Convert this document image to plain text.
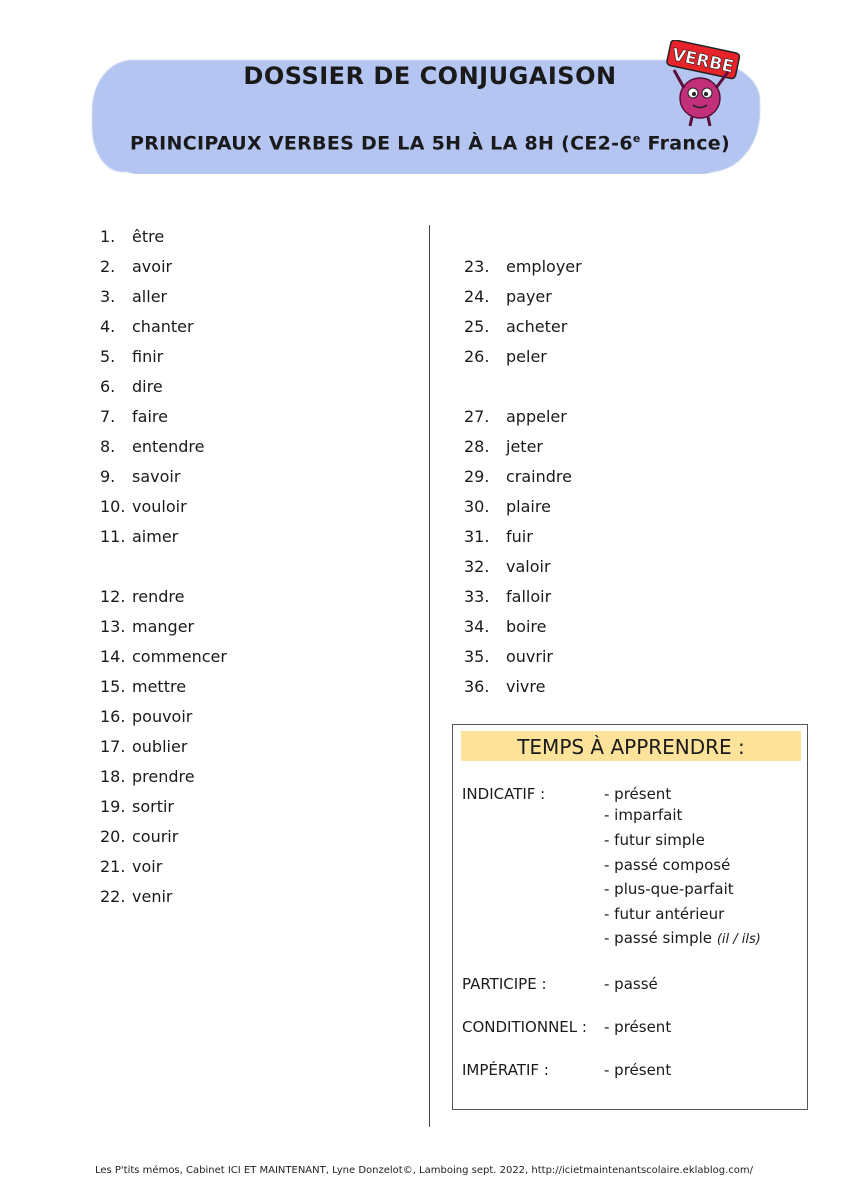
DOSSIER DE CONJUGAISON
PRINCIPAUX VERBES DE LA 5H À LA 8H (CE2-6e France)
VERBE
1.	être
2.	avoir
3.	aller
4.	chanter
5.	finir
6.	dire
7.	faire
8.	entendre
9.	savoir
10. vouloir
11. aimer
12. rendre
13. manger
14. commencer
15. mettre
16. pouvoir
17. oublier
18. prendre
19. sortir
20. courir
21. voir
22. venir
23.	employer
24.	payer
25.	acheter
26.	peler
27.	appeler
28.	jeter
29.	craindre
30.	plaire
31.	fuir
32.	valoir
33.	falloir
34.	boire
35.	ouvrir
36.	vivre
TEMPS À APPRENDRE :
INDICATIF :	- présent
- imparfait
- futur simple
- passé composé
- plus-que-parfait
- futur antérieur
- passé simple (il / ils)
PARTICIPE :	- passé
CONDITIONNEL : - présent
IMPÉRATIF :	- présent
Les P'tits mémos, Cabinet ICI ET MAINTENANT, Lyne Donzelot©, Lamboing sept. 2022, http://icietmaintenantscolaire.eklablog.com/
